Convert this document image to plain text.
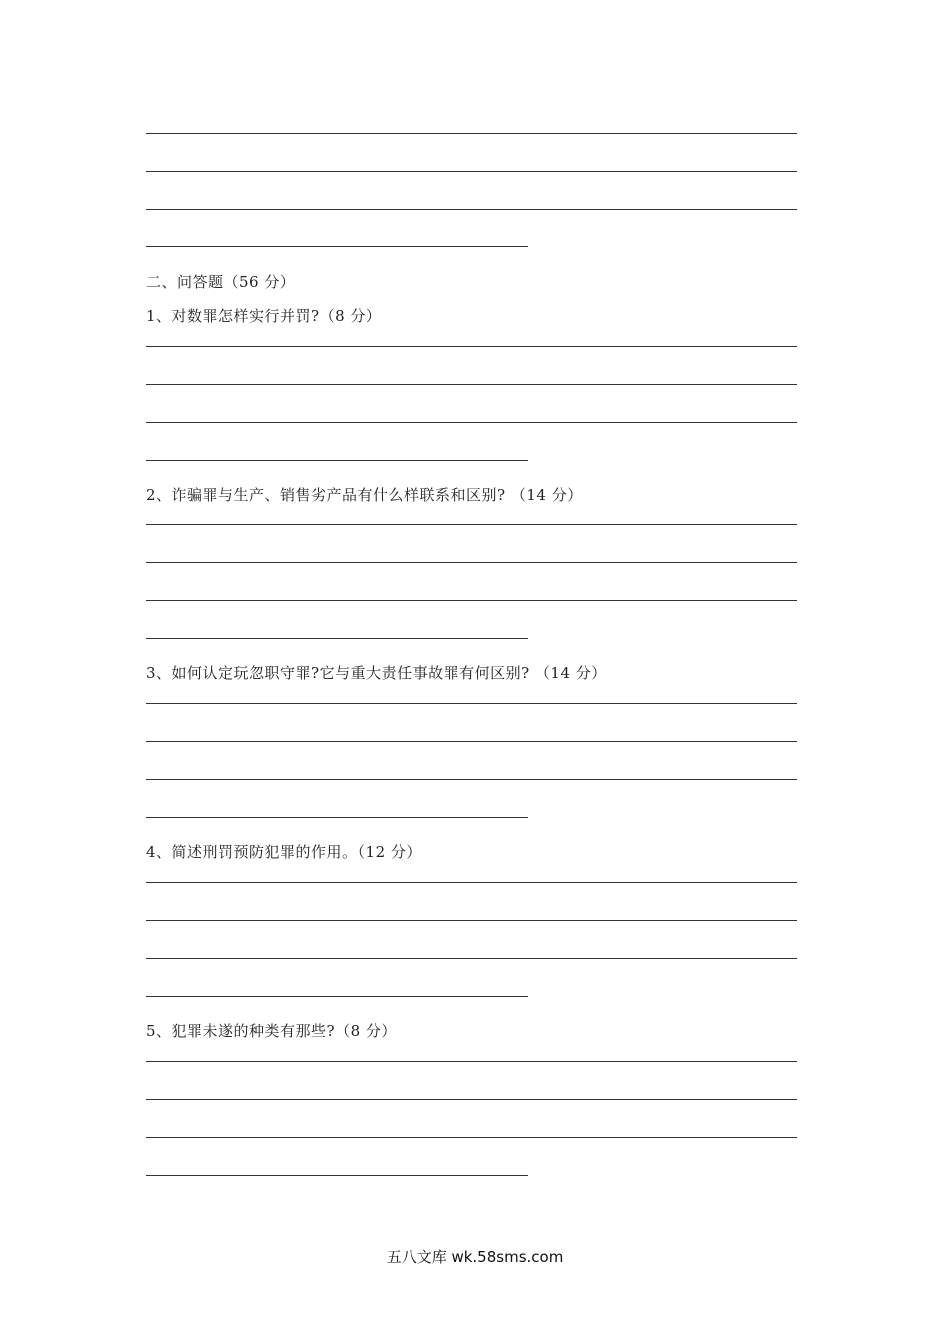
二、问答题（56 分）
1、对数罪怎样实行并罚?（8 分）
2、诈骗罪与生产、销售劣产品有什么样联系和区别? （14 分）
3、如何认定玩忽职守罪?它与重大责任事故罪有何区别? （14 分）
4、简述刑罚预防犯罪的作用。（12 分）
5、犯罪未遂的种类有那些?（8 分）
五八文库 wk.58sms.com
